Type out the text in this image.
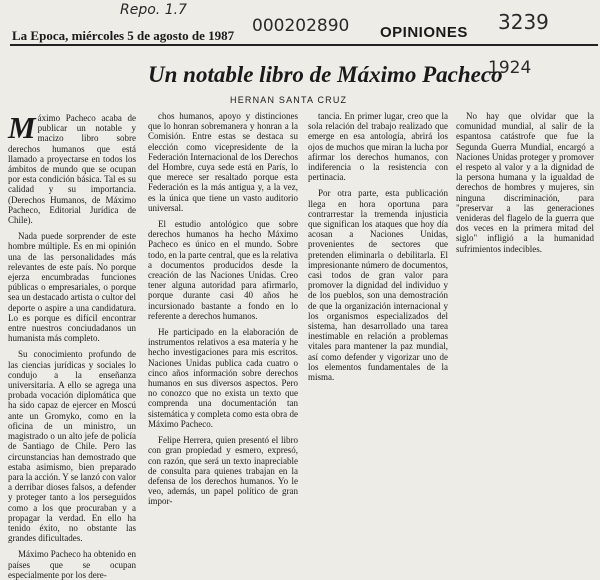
Repo. 1.7
000202890	3239
1924
La Epoca, miércoles 5 de agosto de 1987	OPINIONES
Un notable libro de Máximo Pacheco
HERNAN SANTA CRUZ

Máximo Pacheco acaba de publicar un notable y macizo libro sobre derechos humanos que está llamado a proyectarse en todos los ámbitos de mundo que se ocupan por esta condición básica. Tal es su calidad y su importancia. (Derechos Humanos, de Máximo Pacheco, Editorial Jurídica de Chile).

Nada puede sorprender de este hombre múltiple. Es en mi opinión una de las personalidades más relevantes de este país. No porque ejerza encumbradas funciones públicas o empresariales, o porque sea un destacado artista o cultor del deporte o aspire a una candidatura. Lo es porque es difícil encontrar entre nuestros conciudadanos un humanista más completo.

Su conocimiento profundo de las ciencias jurídicas y sociales lo condujo a la enseñanza universitaria. A ello se agrega una probada vocación diplomática que ha sido capaz de ejercer en Moscú ante un Gromyko, como en la oficina de un ministro, un magistrado o un alto jefe de policía de Santiago de Chile. Pero las circunstancias han demostrado que estaba asimismo, bien preparado para la acción. Y se lanzó con valor a derribar dioses falsos, a defender y proteger tanto a los perseguidos como a los que procuraban y a propagar la verdad. En ello ha tenido éxito, no obstante las grandes dificultades.

Máximo Pacheco ha obtenido en países que se ocupan especialmente por los dere-

chos humanos, apoyo y distinciones que lo honran sobremanera y honran a la Comisión. Entre estas se destaca su elección como vicepresidente de la Federación Internacional de los Derechos del Hombre, cuya sede está en París, lo que merece ser resaltado porque esta Federación es la más antigua y, a la vez, es la única que tiene un vasto auditorio universal.

El estudio antológico que sobre derechos humanos ha hecho Máximo Pacheco es único en el mundo. Sobre todo, en la parte central, que es la relativa a documentos producidos desde la creación de las Naciones Unidas. Creo tener alguna autoridad para afirmarlo, porque durante casi 40 años he incursionado bastante a fondo en lo referente a derechos humanos.

He participado en la elaboración de instrumentos relativos a esa materia y he hecho investigaciones para mis escritos. Naciones Unidas publica cada cuatro o cinco años información sobre derechos humanos en sus diversos aspectos. Pero no conozco que no exista un texto que comprenda una documentación tan sistemática y completa como esta obra de Máximo Pacheco.

Felipe Herrera, quien presentó el libro con gran propiedad y esmero, expresó, con razón, que será un texto inapreciable de consulta para quienes trabajan en la defensa de los derechos humanos. Yo le veo, además, un papel político de gran impor-

tancia. En primer lugar, creo que la sola relación del trabajo realizado que emerge en esa antología, abrirá los ojos de muchos que miran la lucha por afirmar los derechos humanos, con indiferencia o la resistencia con pertinacia.

Por otra parte, esta publicación llega en hora oportuna para contrarrestar la tremenda injusticia que significan los ataques que hoy día acosan a Naciones Unidas, provenientes de sectores que pretenden eliminarla o debilitarla. El impresionante número de documentos, casi todos de gran valor para promover la dignidad del individuo y de los pueblos, son una demostración de que la organización internacional y los organismos especializados del sistema, han desarrollado una tarea inestimable en relación a problemas vitales para mantener la paz mundial, así como defender y vigorizar uno de los elementos fundamentales de la misma.

No hay que olvidar que la comunidad mundial, al salir de la espantosa catástrofe que fue la Segunda Guerra Mundial, encargó a Naciones Unidas proteger y promover el respeto al valor y a la dignidad de la persona humana y la igualdad de derechos de hombres y mujeres, sin ninguna discriminación, para "preservar a las generaciones venideras del flagelo de la guerra que dos veces en la primera mitad del siglo" infligió a la humanidad sufrimientos indecibles.
